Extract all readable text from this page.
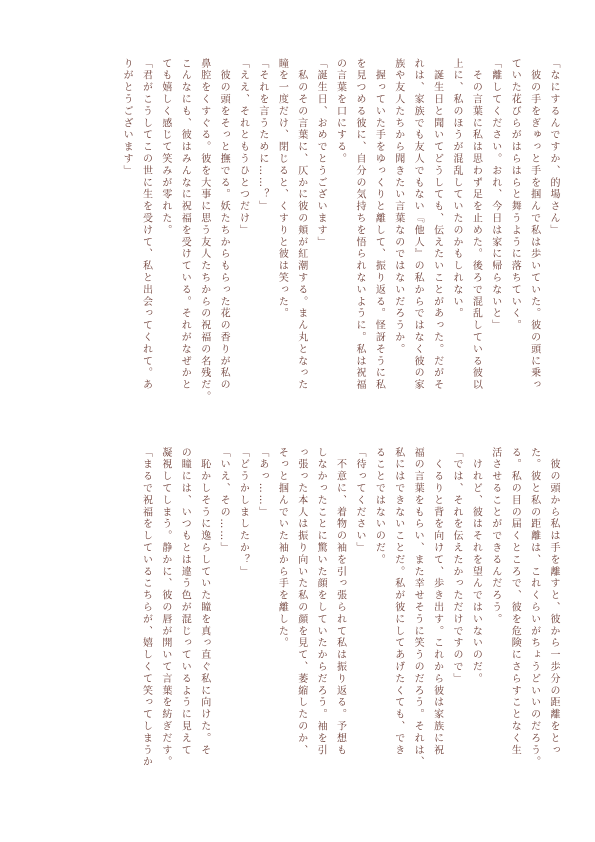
「なにするんですか、的場さん」
　彼の手をぎゅっと手を掴んで私は歩いていた。彼の頭に乗っ
ていた花びらがはらはらと舞うように落ちていく。
「離してください。おれ、今日は家に帰らないと」
　その言葉に私は思わず足を止めた。後ろで混乱している彼以
上に、私のほうが混乱していたのかもしれない。
　誕生日と聞いてどうしても、伝えたいことがあった。だがそ
れは、家族でも友人でもない『他人』の私からではなく彼の家
族や友人たちから聞きたい言葉なのではないだろうか。
　握っていた手をゆっくりと離して、振り返る。怪訝そうに私
を見つめる彼に、自分の気持ちを悟られないように。私は祝福
の言葉を口にする。
「誕生日、おめでとうございます」
　私のその言葉に、仄かに彼の頬が紅潮する。まん丸となった
瞳を一度だけ、閉じると、くすりと彼は笑った。
「それを言うために……？」
「ええ、それともうひとつだけ」
　彼の頭をそっと撫でる。妖たちからもらった花の香りが私の
鼻腔をくすぐる。彼を大事に思う友人たちからの祝福の名残だ。
こんなにも、彼はみんなに祝福を受けている。それがなぜかと
ても嬉しく感じて笑みが零れた。
「君がこうしてこの世に生を受けて、私と出会ってくれて。あ
りがとうございます」
　彼の頭から私は手を離すと、彼から一歩分の距離をとっ
た。彼と私の距離は、これくらいがちょうどいいのだろう。
る。私の目の届くところで、彼を危険にさらすことなく生
活させることができるんだろう。
　けれど、彼はそれを望んではいないのだ。
「では、それを伝えたかっただけですので」
　くるりと背を向けて、歩き出す。これから彼は家族に祝
福の言葉をもらい、また幸せそうに笑うのだろう。それは、
私にはできないことだ。私が彼にしてあげたくても、でき
ることではないのだ。
「待ってください」
　不意に、着物の袖を引っ張られて私は振り返る。予想も
しなかったことに驚いた顔をしていたからだろう。袖を引
っ張った本人は振り向いた私の顔を見て、萎縮したのか、
そっと掴んでいた袖から手を離した。
「あっ……」
「どうかしましたか？」
「いえ、その……」
　恥かしそうに逸らしていた瞳を真っ直ぐ私に向けた。そ
の瞳には、いつもとは違う色が混じっているように見えて
凝視してしまう。静かに、彼の唇が開いて言葉を紡ぎだす。
「まるで祝福をしているこちらが、嬉しくて笑ってしまうか
